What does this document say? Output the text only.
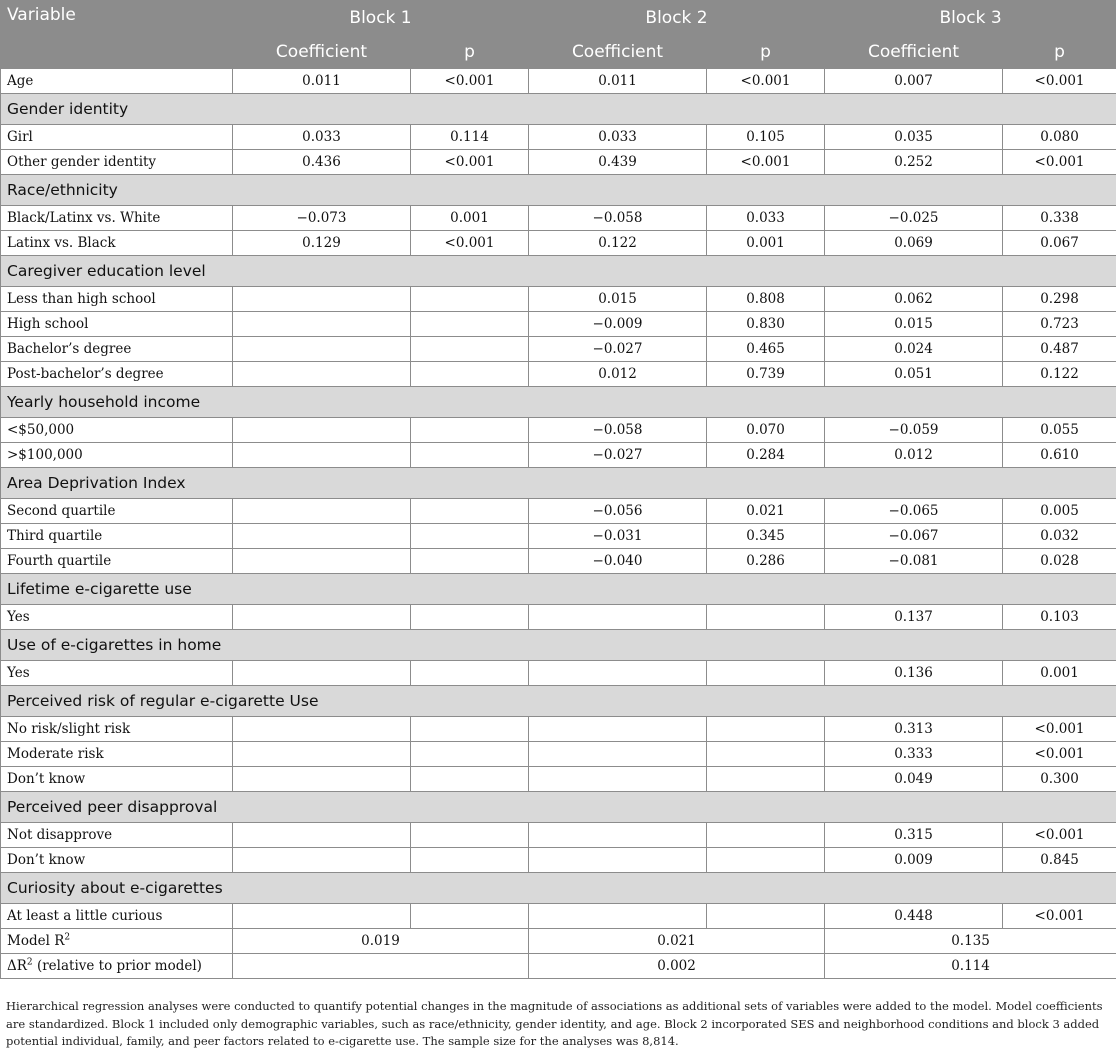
Variable	Block 1		Block 2		Block 3	
	Coefficient	p	Coefficient	p	Coefficient	p
Age	0.011	<0.001	0.011	<0.001	0.007	<0.001
Gender identity						
Girl	0.033	0.114	0.033	0.105	0.035	0.080
Other gender identity	0.436	<0.001	0.439	<0.001	0.252	<0.001
Race/ethnicity						
Black/Latinx vs. White	−0.073	0.001	−0.058	0.033	−0.025	0.338
Latinx vs. Black	0.129	<0.001	0.122	0.001	0.069	0.067
Caregiver education level						
Less than high school			0.015	0.808	0.062	0.298
High school			−0.009	0.830	0.015	0.723
Bachelor’s degree			−0.027	0.465	0.024	0.487
Post-bachelor’s degree			0.012	0.739	0.051	0.122
Yearly household income						
<$50,000			−0.058	0.070	−0.059	0.055
>$100,000			−0.027	0.284	0.012	0.610
Area Deprivation Index						
Second quartile			−0.056	0.021	−0.065	0.005
Third quartile			−0.031	0.345	−0.067	0.032
Fourth quartile			−0.040	0.286	−0.081	0.028
Lifetime e-cigarette use						
Yes					0.137	0.103
Use of e-cigarettes in home						
Yes					0.136	0.001
Perceived risk of regular e-cigarette Use						
No risk/slight risk					0.313	<0.001
Moderate risk					0.333	<0.001
Don’t know					0.049	0.300
Perceived peer disapproval						
Not disapprove					0.315	<0.001
Don’t know					0.009	0.845
Curiosity about e-cigarettes						
At least a little curious					0.448	<0.001
Model $R^2$	0.019		0.021		0.135	
$\Delta R^2$ (relative to prior model)			0.002		0.114	

Hierarchical regression analyses were conducted to quantify potential changes in the magnitude of associations as additional sets of variables were added to the model. Model coefficients are standardized. Block 1 included only demographic variables, such as race/ethnicity, gender identity, and age. Block 2 incorporated SES and neighborhood conditions and block 3 added potential individual, family, and peer factors related to e-cigarette use. The sample size for the analyses was 8,814.
